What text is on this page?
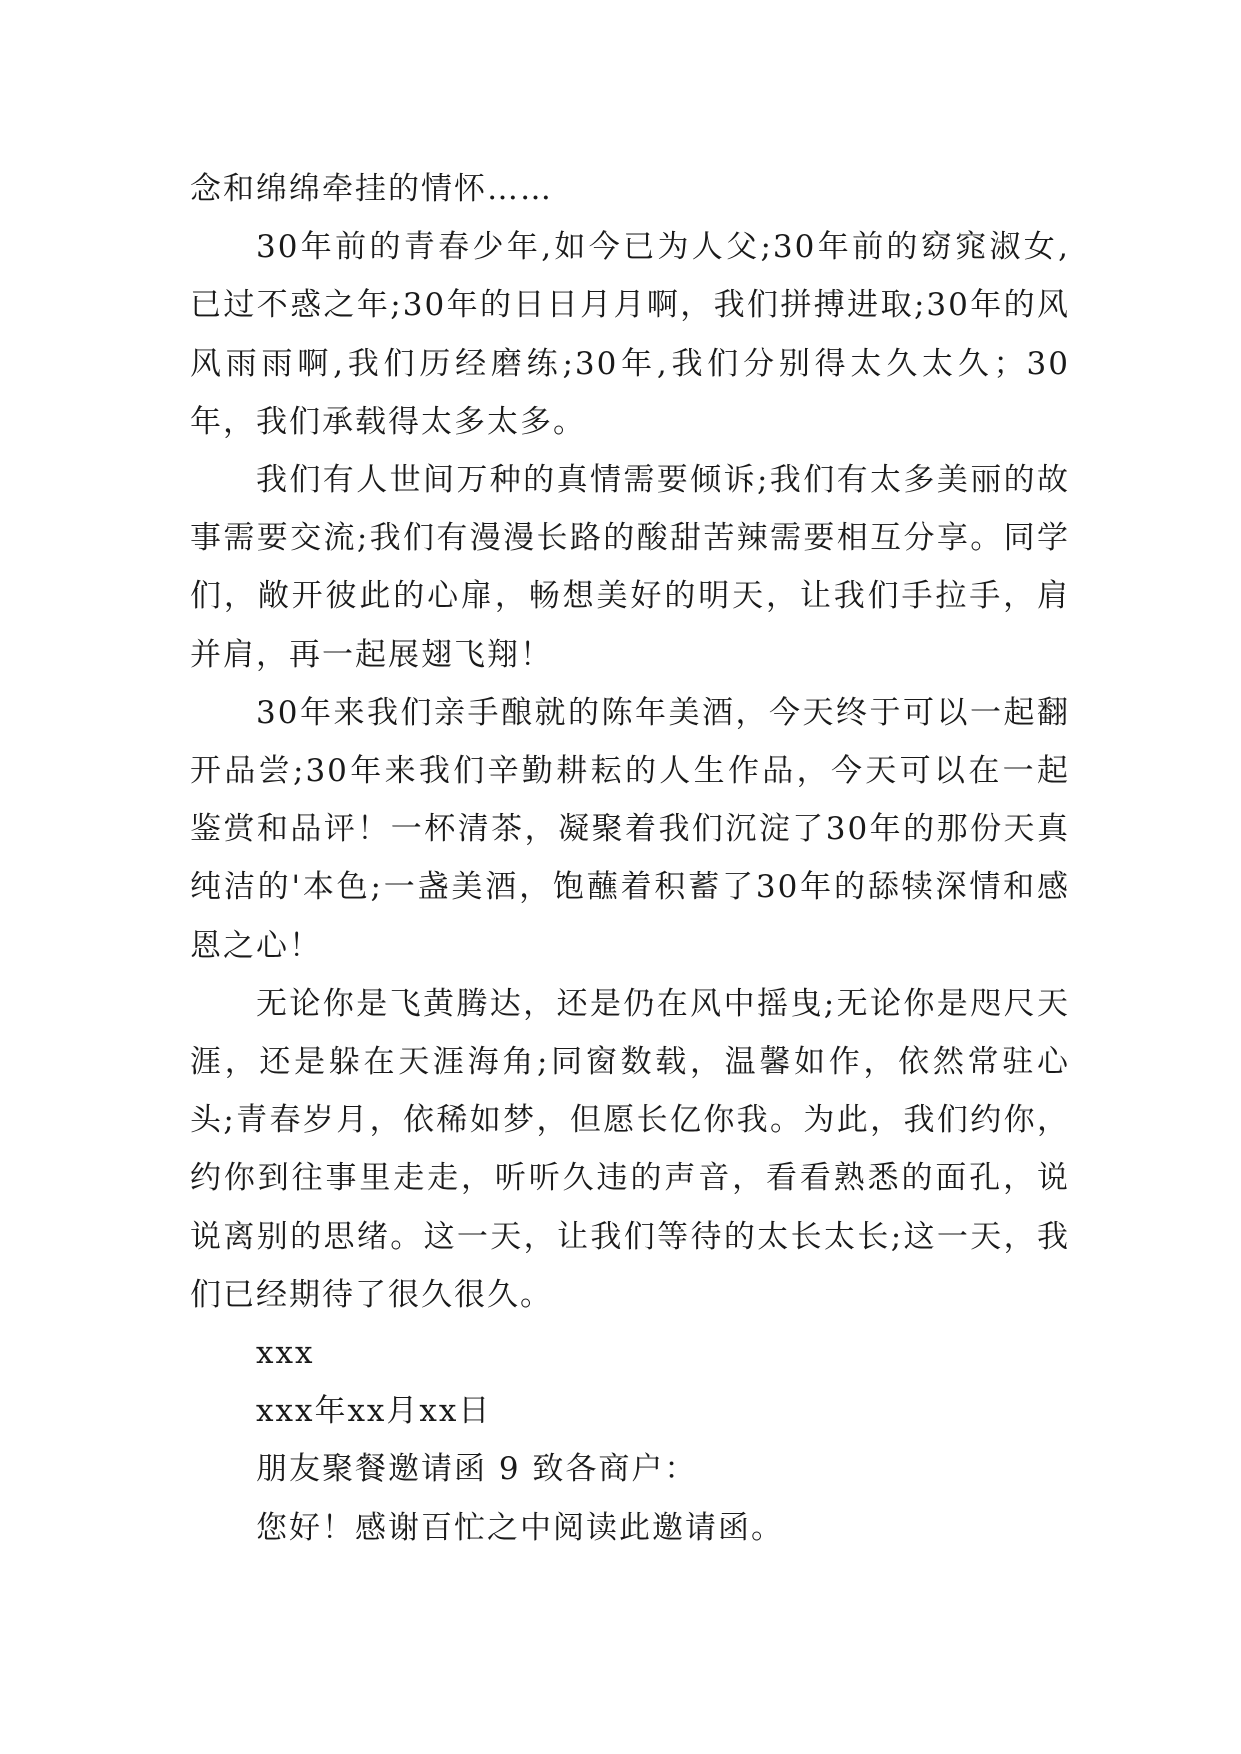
念和绵绵牵挂的情怀……

30年前的青春少年,如今已为人父;30年前的窈窕淑女,已过不惑之年;30年的日日月月啊，我们拼搏进取;30年的风风雨雨啊,我们历经磨练;30年,我们分别得太久太久；30年，我们承载得太多太多。

我们有人世间万种的真情需要倾诉;我们有太多美丽的故事需要交流;我们有漫漫长路的酸甜苦辣需要相互分享。同学们，敞开彼此的心扉，畅想美好的明天，让我们手拉手，肩并肩，再一起展翅飞翔！

30年来我们亲手酿就的陈年美酒，今天终于可以一起翻开品尝;30年来我们辛勤耕耘的人生作品，今天可以在一起鉴赏和品评！一杯清茶，凝聚着我们沉淀了30年的那份天真纯洁的'本色;一盏美酒，饱蘸着积蓄了30年的舔犊深情和感恩之心！

无论你是飞黄腾达，还是仍在风中摇曳;无论你是咫尺天涯，还是躲在天涯海角;同窗数载，温馨如作，依然常驻心头;青春岁月，依稀如梦，但愿长亿你我。为此，我们约你，约你到往事里走走，听听久违的声音，看看熟悉的面孔，说说离别的思绪。这一天，让我们等待的太长太长;这一天，我们已经期待了很久很久。

xxx

xxx年xx月xx日

朋友聚餐邀请函 9 致各商户：

您好！感谢百忙之中阅读此邀请函。
